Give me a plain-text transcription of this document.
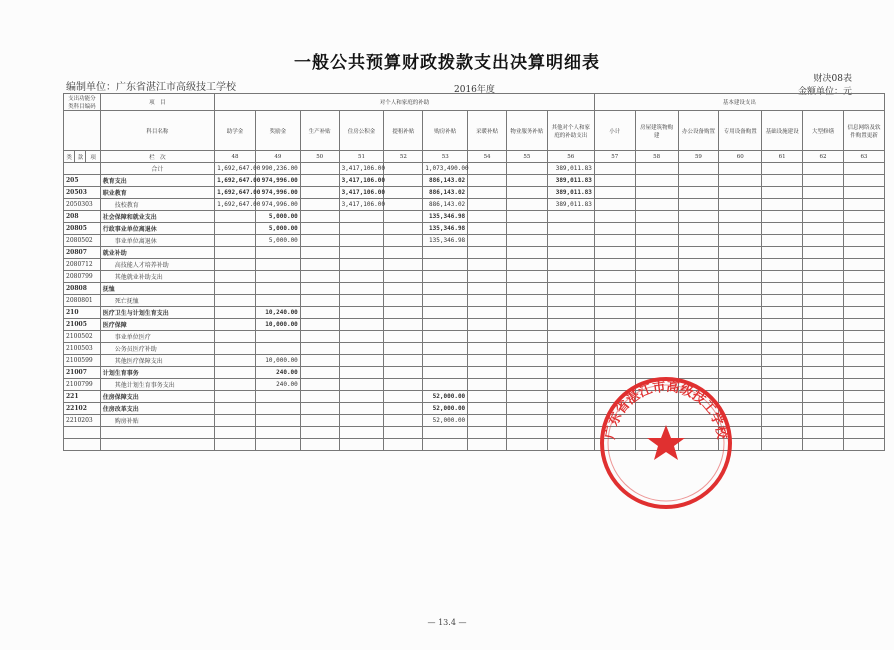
一般公共预算财政拨款支出决算明细表
编制单位：广东省湛江市高级技工学校	2016年度
财决08表
金额单位：元
支出功能分类科目编码			项　目	对个人和家庭的补助									基本建设支出						
			科目名称	助学金	奖励金	生产补贴	住房公积金	提租补贴	购房补贴	采暖补贴	物业服务补贴	其他对个人和家庭的补助支出	小计	房屋建筑物购建	办公设备购置	专用设备购置	基础设施建设	大型修缮	信息网络及软件购置更新
类	款	项	栏　次	48	49	50	51	52	53	54	55	56	57	58	59	60	61	62	63
			合计	1,692,647.00	990,236.00		3,417,106.00		1,073,490.00			389,011.83							
205			教育支出	1,692,647.00	974,996.00		3,417,106.00		886,143.02			389,011.83							
20503			职业教育	1,692,647.00	974,996.00		3,417,106.00		886,143.02			389,011.83							
2050303			技校教育	1,692,647.00	974,996.00		3,417,106.00		886,143.02			389,011.83							
208			社会保障和就业支出		5,000.00				135,346.98										
20805			行政事业单位离退休		5,000.00				135,346.98										
2080502			事业单位离退休		5,000.00				135,346.98										
20807			就业补助																
2080712			高技能人才培养补助																
2080799			其他就业补助支出																
20808			抚恤																
2080801			死亡抚恤																
210			医疗卫生与计划生育支出		10,240.00														
21005			医疗保障		10,000.00														
2100502			事业单位医疗																
2100503			公务员医疗补助																
2100599			其他医疗保障支出		10,000.00														
21007			计划生育事务		240.00														
2100799			其他计划生育事务支出		240.00														
221			住房保障支出						52,000.00										
22102			住房改革支出						52,000.00										
2210203			购房补贴						52,000.00										

广东省湛江市高级技工学校
— 13.4 —
